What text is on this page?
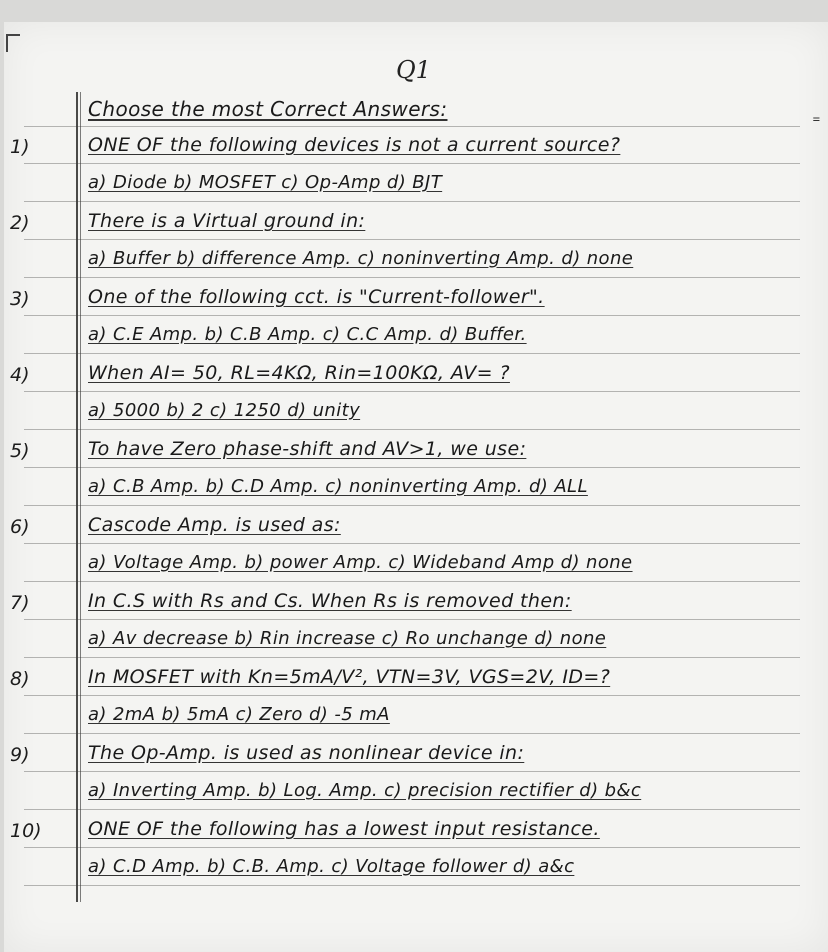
Q1
=
Choose the most Correct Answers:
1)	ONE OF the following devices is not a current source?
a) Diode b) MOSFET c) Op-Amp d) BJT
2)	There is a Virtual ground in:
a) Buffer b) difference Amp. c) noninverting Amp. d) none
3)	One of the following cct. is "Current-follower".
a) C.E Amp. b) C.B Amp. c) C.C Amp. d) Buffer.
4)	When AI= 50, RL=4KΩ, Rin=100KΩ, AV= ?
a) 5000 b) 2 c) 1250 d) unity
5)	To have Zero phase-shift and AV>1, we use:
a) C.B Amp. b) C.D Amp. c) noninverting Amp. d) ALL
6)	Cascode Amp. is used as:
a) Voltage Amp. b) power Amp. c) Wideband Amp d) none
7)	In C.S with Rs and Cs. When Rs is removed then:
a) Av decrease b) Rin increase c) Ro unchange d) none
8)	In MOSFET with Kn=5mA/V², VTN=3V, VGS=2V, ID=?
a) 2mA b) 5mA c) Zero d) -5 mA
9)	The Op-Amp. is used as nonlinear device in:
a) Inverting Amp. b) Log. Amp. c) precision rectifier d) b&c
10)	ONE OF the following has a lowest input resistance.
a) C.D Amp. b) C.B. Amp. c) Voltage follower d) a&c
